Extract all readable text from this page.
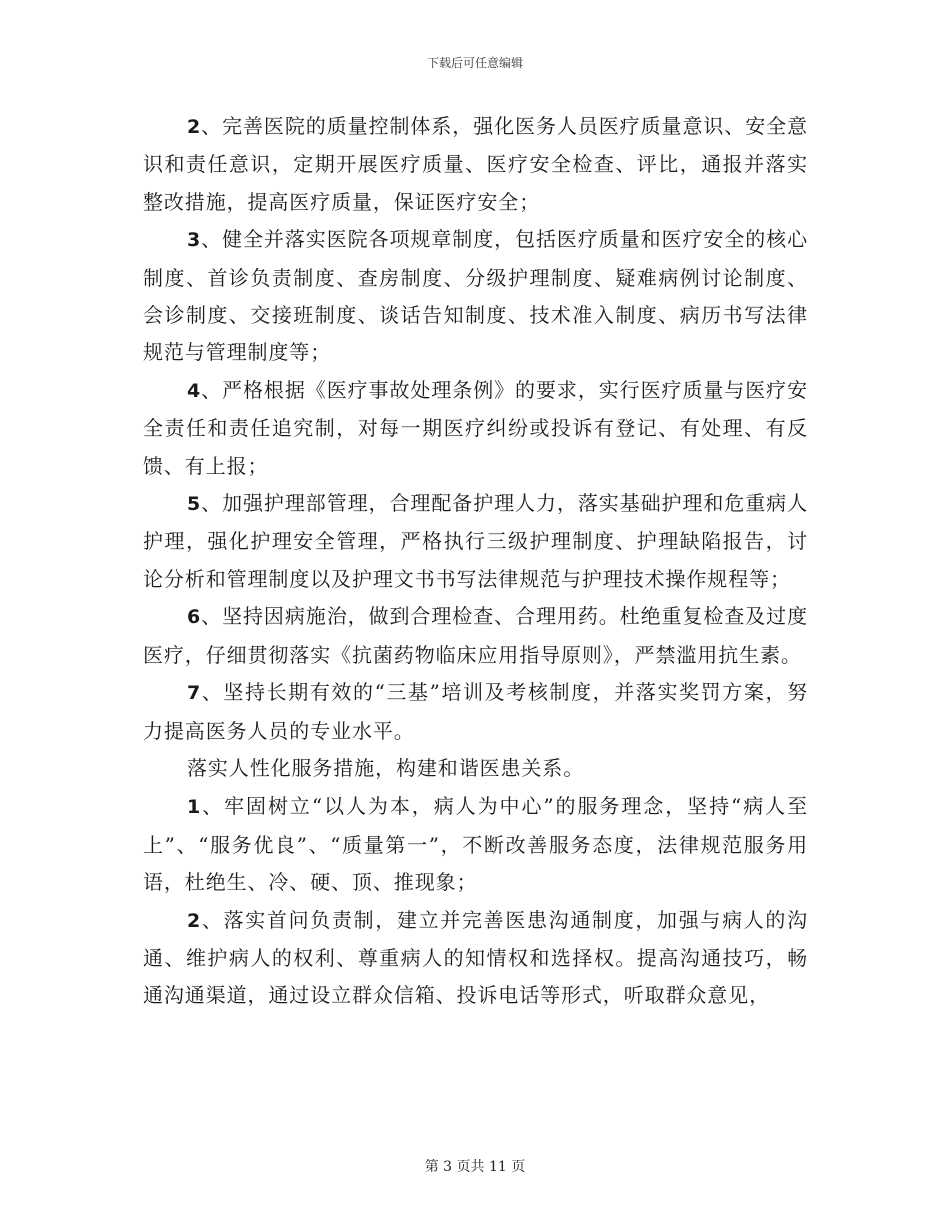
下载后可任意编辑

2、完善医院的质量控制体系，强化医务人员医疗质量意识、安全意识和责任意识，定期开展医疗质量、医疗安全检查、评比，通报并落实整改措施，提高医疗质量，保证医疗安全；

3、健全并落实医院各项规章制度，包括医疗质量和医疗安全的核心制度、首诊负责制度、查房制度、分级护理制度、疑难病例讨论制度、会诊制度、交接班制度、谈话告知制度、技术准入制度、病历书写法律规范与管理制度等；

4、严格根据《医疗事故处理条例》的要求，实行医疗质量与医疗安全责任和责任追究制，对每一期医疗纠纷或投诉有登记、有处理、有反馈、有上报；

5、加强护理部管理，合理配备护理人力，落实基础护理和危重病人护理，强化护理安全管理，严格执行三级护理制度、护理缺陷报告，讨论分析和管理制度以及护理文书书写法律规范与护理技术操作规程等；

6、坚持因病施治，做到合理检查、合理用药。杜绝重复检查及过度医疗，仔细贯彻落实《抗菌药物临床应用指导原则》，严禁滥用抗生素。

7、坚持长期有效的“三基”培训及考核制度，并落实奖罚方案，努力提高医务人员的专业水平。

落实人性化服务措施，构建和谐医患关系。

1、牢固树立“以人为本，病人为中心”的服务理念，坚持“病人至上”、“服务优良”、“质量第一”，不断改善服务态度，法律规范服务用语，杜绝生、冷、硬、顶、推现象；

2、落实首问负责制，建立并完善医患沟通制度，加强与病人的沟通、维护病人的权利、尊重病人的知情权和选择权。提高沟通技巧，畅通沟通渠道，通过设立群众信箱、投诉电话等形式，听取群众意见，

第 3 页共 11 页
